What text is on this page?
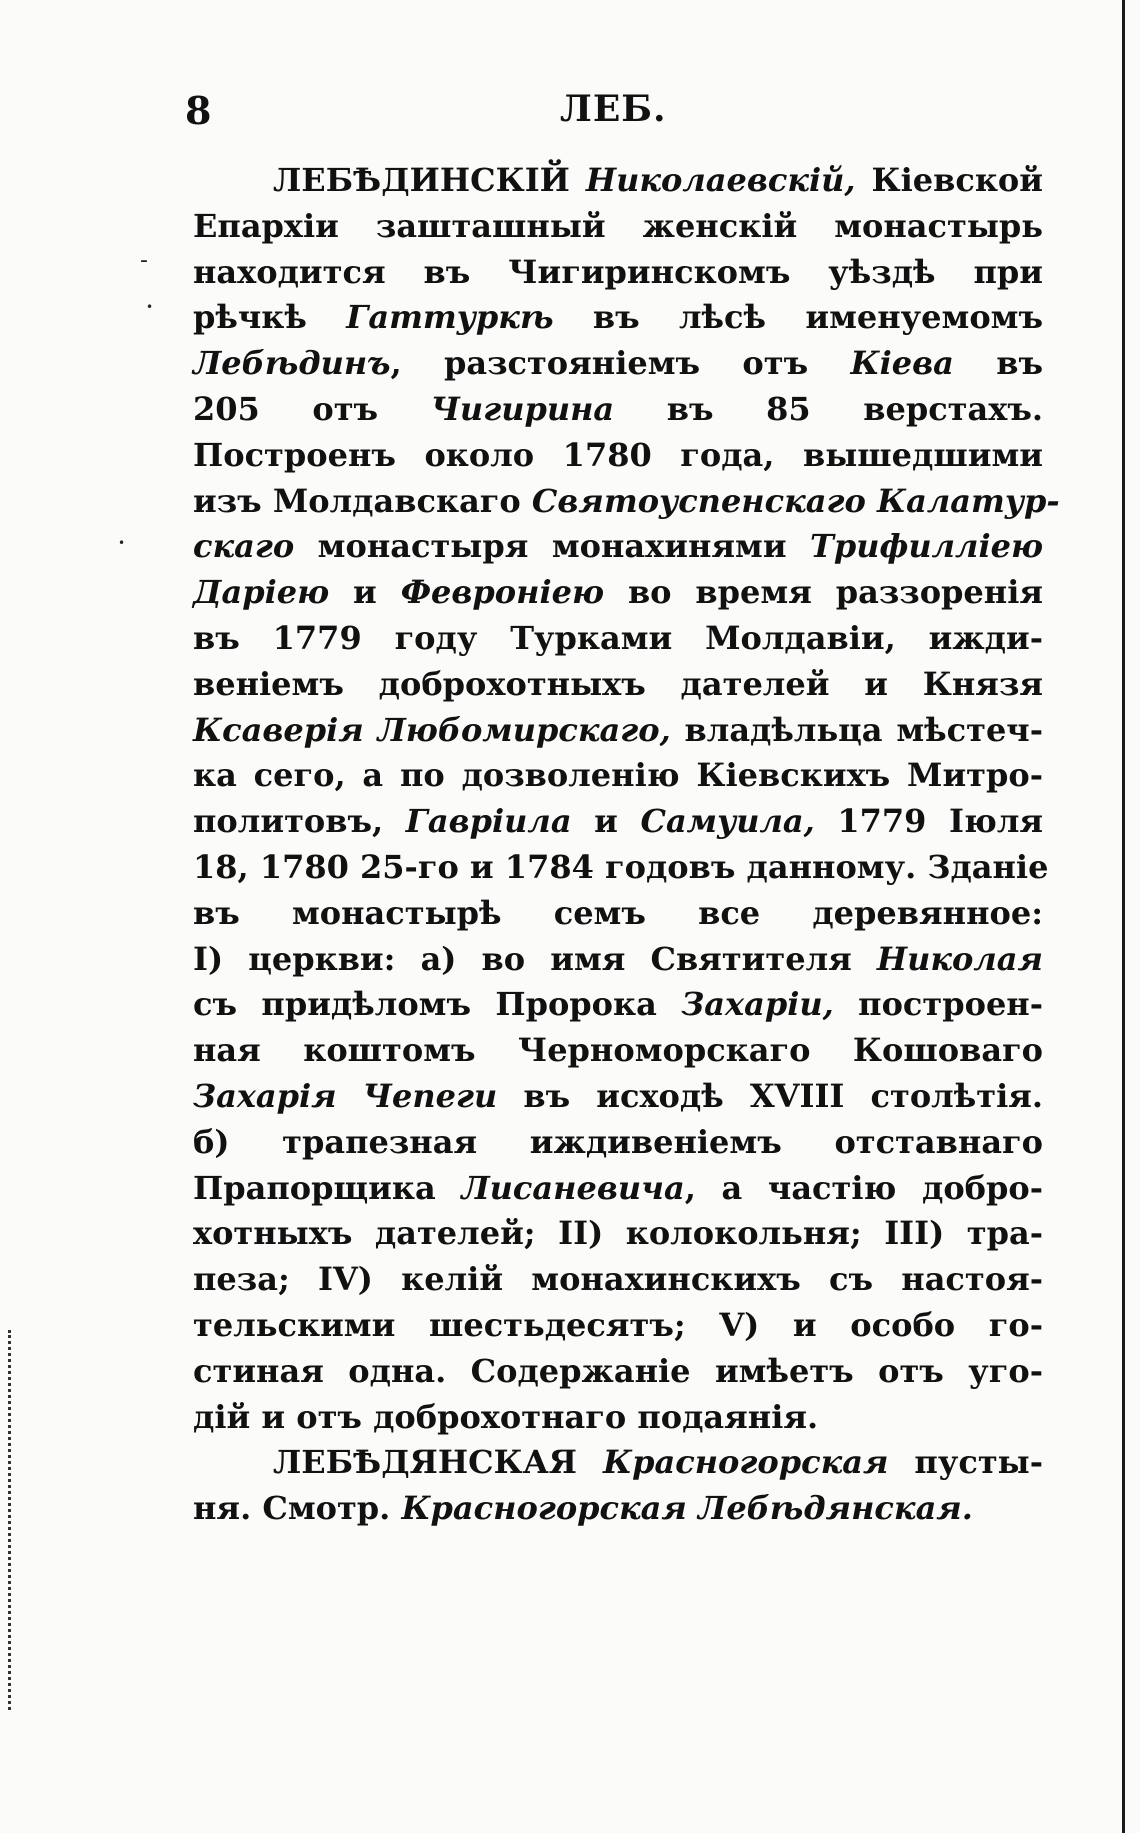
8	ЛЕБ.

ЛЕБѢДИНСКІЙ Николаевскій, Кіевской
Епархіи зашташный женскій монастырь
находится въ Чигиринскомъ уѣздѣ при
рѣчкѣ Гаттуркѣ въ лѣсѣ именуемомъ
Лебѣдинъ, разстояніемъ отъ Кіева въ
205 отъ Чигирина въ 85 верстахъ.
Построенъ около 1780 года, вышедшими
изъ Молдавскаго Святоуспенскаго Калатур-
скаго монастыря монахинями Трифилліею
Даріею и Февроніею во время раззоренія
въ 1779 году Турками Молдавіи, ижди-
веніемъ доброхотныхъ дателей и Князя
Ксаверія Любомирскаго, владѣльца мѣстеч-
ка сего, а по дозволенію Кіевскихъ Митро-
политовъ, Гавріила и Самуила, 1779 Іюля
18, 1780 25-го и 1784 годовъ данному. Зданіе
въ монастырѣ семъ все деревянное:
I) церкви: а) во имя Святителя Николая
съ придѣломъ Пророка Захаріи, построен-
ная коштомъ Черноморскаго Кошоваго
Захарія Чепеги въ исходѣ XVIII столѣтія.
б) трапезная иждивеніемъ отставнаго
Прапорщика Лисаневича, а частію добро-
хотныхъ дателей; II) колокольня; III) тра-
пеза; IV) келій монахинскихъ съ настоя-
тельскими шестьдесятъ; V) и особо го-
стиная одна. Содержаніе имѣетъ отъ уго-
дій и отъ доброхотнаго подаянія.

ЛЕБѢДЯНСКАЯ Красногорская пусты-
ня. Смотр. Красногорская Лебѣдянская.

-
•
•
